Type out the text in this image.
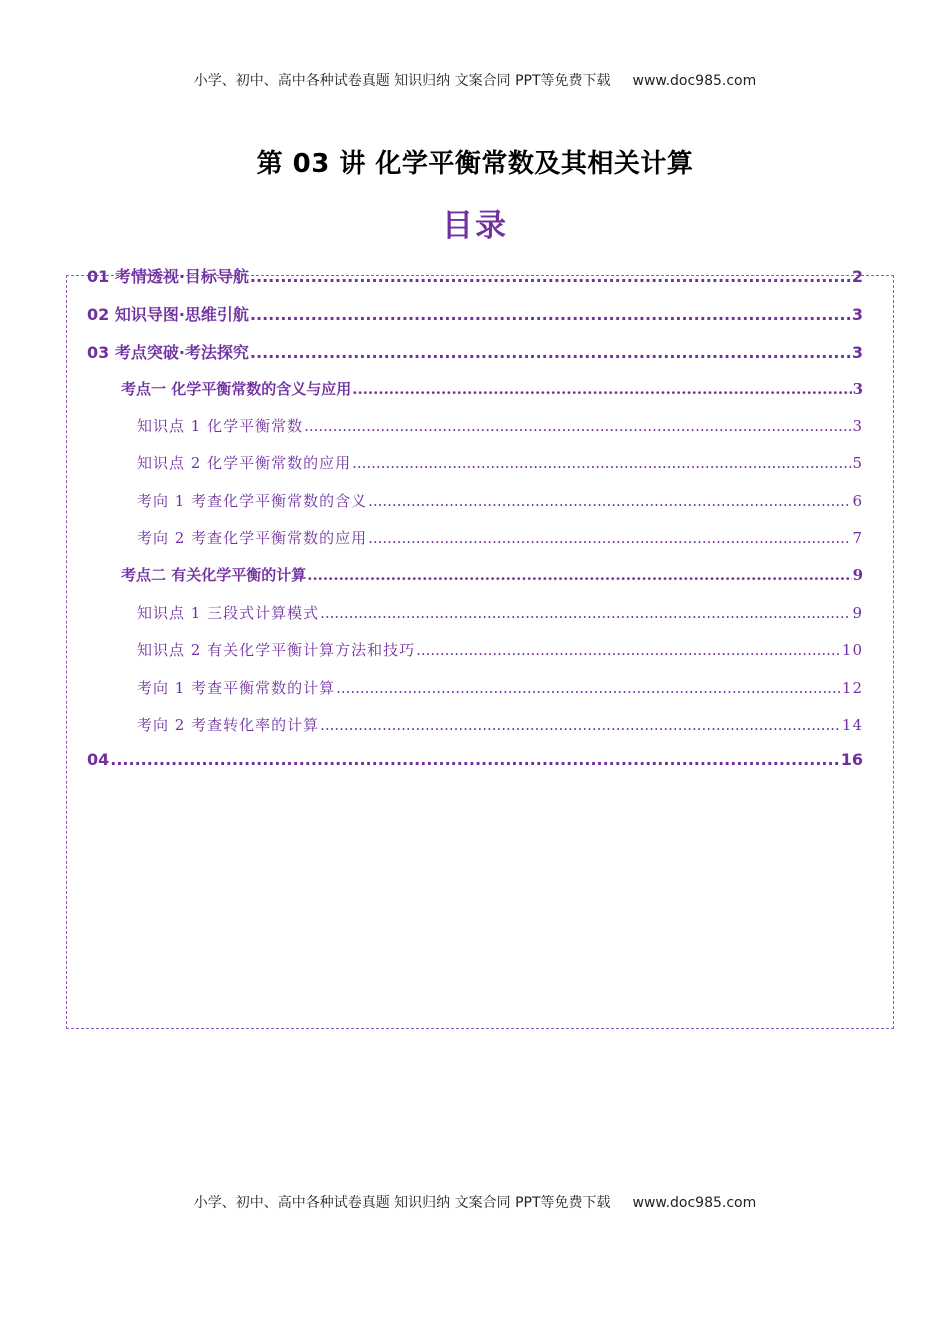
小学、初中、高中各种试卷真题 知识归纳 文案合同 PPT等免费下载 www.doc985.com
第 03 讲 化学平衡常数及其相关计算
目录
01 考情透视·目标导航 .....	2
02 知识导图·思维引航 .....	3
03 考点突破·考法探究 .....	3
考点一 化学平衡常数的含义与应用 .....	3
知识点 1 化学平衡常数 .....	3
知识点 2 化学平衡常数的应用 .....	5
考向 1 考查化学平衡常数的含义 .....	6
考向 2 考查化学平衡常数的应用 .....	7
考点二 有关化学平衡的计算 .....	9
知识点 1 三段式计算模式 .....	9
知识点 2 有关化学平衡计算方法和技巧 .....	10
考向 1 考查平衡常数的计算 .....	12
考向 2 考查转化率的计算 .....	14
04 .....	16
小学、初中、高中各种试卷真题 知识归纳 文案合同 PPT等免费下载 www.doc985.com
